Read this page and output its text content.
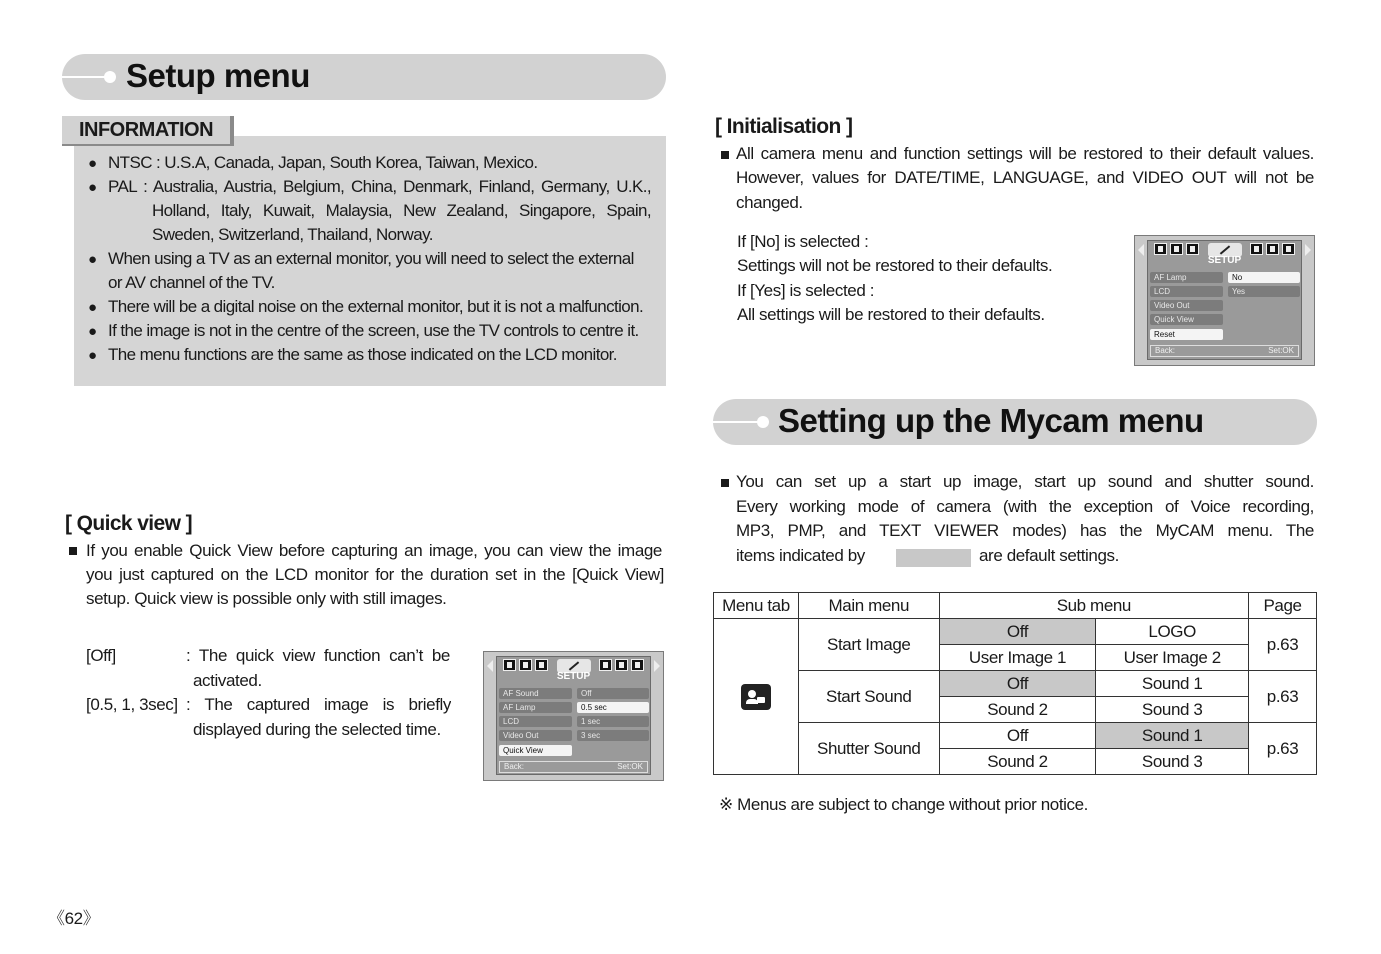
Setup menu
INFORMATION
● NTSC : U.S.A, Canada, Japan, South Korea, Taiwan, Mexico.
● PAL : Australia, Austria, Belgium, China, Denmark, Finland, Germany, U.K.,
Holland, Italy, Kuwait, Malaysia, New Zealand, Singapore, Spain,
Sweden, Switzerland, Thailand, Norway.
● When using a TV as an external monitor, you will need to select the external
or AV channel of the TV.
● There will be a digital noise on the external monitor, but it is not a malfunction.
● If the image is not in the centre of the screen, use the TV controls to centre it.
● The menu functions are the same as those indicated on the LCD monitor.
[ Quick view ]
If you enable Quick View before capturing an image, you can view the image
you just captured on the LCD monitor for the duration set in the [Quick View]
setup. Quick view is possible only with still images.
[Off]	: The quick view function can’t be
activated.
[0.5, 1, 3sec] : The captured image is briefly
displayed during the selected time.
SETUP
AF Sound
AF Lamp
LCD
Video Out
Quick View
Off
0.5 sec
1 sec
3 sec
Back:	Set:OK
[ Initialisation ]
All camera menu and function settings will be restored to their default values.
However, values for DATE/TIME, LANGUAGE, and VIDEO OUT will not be
changed.
If [No] is selected :
Settings will not be restored to their defaults.
If [Yes] is selected :
All settings will be restored to their defaults.
SETUP
AF Lamp
LCD
Video Out
Quick View
Reset
No
Yes
Back:	Set:OK
Setting up the Mycam menu
You can set up a start up image, start up sound and shutter sound.
Every working mode of camera (with the exception of Voice recording,
MP3, PMP, and TEXT VIEWER modes) has the MyCAM menu. The
items indicated by	are default settings.
Menu tab	Main menu	Sub menu		Page

	Start Image	Off	LOGO	p.63
		User Image 1	User Image 2	
	Start Sound	Off	Sound 1	p.63
		Sound 2	Sound 3	
	Shutter Sound	Off	Sound 1	p.63
		Sound 2	Sound 3	
※ Menus are subject to change without prior notice.
《62》
